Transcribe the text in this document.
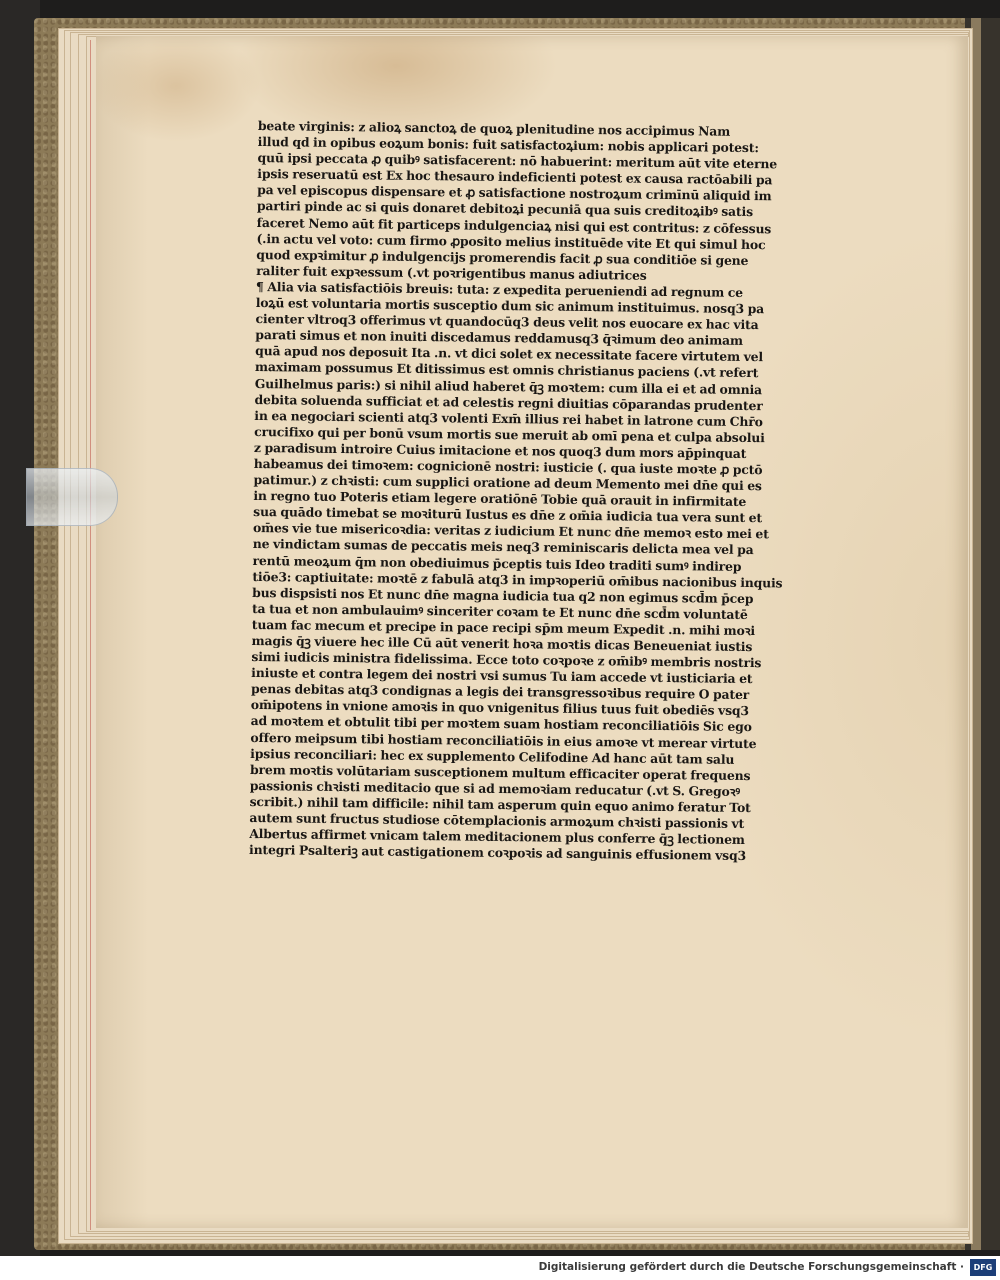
beate virginis: z alioꝝ sanctoꝝ de quoꝝ plenitudine nos accipimus Nam
illud qd in opibus eoꝝum bonis: fuit satisfactoꝝium: nobis applicari potest:
quū ipsi peccata ꝓ quibꝰ satisfacerent: nō habuerint: meritum aūt vite eterne
ipsis reseruatū est Ex hoc thesauro indeficienti potest ex causa ractōabili pa
pa vel episcopus dispensare et ꝓ satisfactione nostroꝝum crimīnū aliquid im
partiri pinde ac si quis donaret debitoꝝi pecuniā qua suis creditoꝝibꝰ satis
faceret Nemo aūt fit particeps indulgenciaꝝ nisi qui est contritus: z cōfessus
(.in actu vel voto: cum firmo ꝓposito melius instituēde vite Et qui simul hoc
quod expꝛimitur ꝓ indulgencijs promerendis facit ꝓ sua conditiōe si gene
raliter fuit expꝛessum (.vt poꝛrigentibus manus adiutrices
¶ Alia via satisfactiōis breuis: tuta: z expedita perueniendi ad regnum ce
loꝝū est voluntaria mortis susceptio dum sic animum instituimus. nosq3 pa
cienter vltroq3 offerimus vt quandocūq3 deus velit nos euocare ex hac vita
parati simus et non inuiti discedamus reddamusq3 q̄ꝛimum deo animam
quā apud nos deposuit Ita .n. vt dici solet ex necessitate facere virtutem vel
maximam possumus Et ditissimus est omnis christianus paciens (.vt refert
Guilhelmus paris:) si nihil aliud haberet q̄ꝫ moꝛtem: cum illa ei et ad omnia
debita soluenda sufficiat et ad celestis regni diuitias cōparandas prudenter
in ea negociari scienti atq3 volenti Exm̄ illius rei habet in latrone cum Chr̄o
crucifixo qui per bonū vsum mortis sue meruit ab omī pena et culpa absolui
z paradisum introire Cuius imitacione et nos quoq3 dum mors ap̄pinquat
habeamus dei timoꝛem: cognicionē nostri: iusticie (. qua iuste moꝛte ꝓ pctō
patimur.) z chꝛisti: cum supplici oratione ad deum Memento mei dn̄e qui es
in regno tuo Poteris etiam legere oratiōnē Tobie quā orauit in infirmitate
sua quādo timebat se moꝛiturū Iustus es dn̄e z om̄ia iudicia tua vera sunt et
om̄es vie tue misericoꝛdia: veritas z iudicium Et nunc dn̄e memoꝛ esto mei et
ne vindictam sumas de peccatis meis neq3 reminiscaris delicta mea vel pa
rentū meoꝝum q̄m non obediuimus p̄ceptis tuis Ideo traditi sumꝰ indirep
tiōe3: captiuitate: moꝛtē z fabulā atq3 in impꝛoperiū om̄ibus nacionibus inquis
bus dispsisti nos Et nunc dn̄e magna iudicia tua q2 non egimus scd̄m p̄cep
ta tua et non ambulauimꝰ sinceriter coꝛam te Et nunc dn̄e scd̄m voluntatē
tuam fac mecum et precipe in pace recipi sp̄m meum Expedit .n. mihi moꝛi
magis q̄ꝫ viuere hec ille Cū aūt venerit hoꝛa moꝛtis dicas Beneueniat iustis
simi iudicis ministra fidelissima. Ecce toto coꝛpoꝛe z om̄ibꝰ membris nostris
iniuste et contra legem dei nostri vsi sumus Tu iam accede vt iusticiaria et
penas debitas atq3 condignas a legis dei transgressoꝛibus require O pater
om̄ipotens in vnione amoꝛis in quo vnigenitus filius tuus fuit obediēs vsq3
ad moꝛtem et obtulit tibi per moꝛtem suam hostiam reconciliatiōis Sic ego
offero meipsum tibi hostiam reconciliatiōis in eius amoꝛe vt merear virtute
ipsius reconciliari: hec ex supplemento Celifodine Ad hanc aūt tam salu
brem moꝛtis volūtariam susceptionem multum efficaciter operat frequens
passionis chꝛisti meditacio que si ad memoꝛiam reducatur (.vt S. Gregoꝛꝰ
scribit.) nihil tam difficile: nihil tam asperum quin equo animo feratur Tot
autem sunt fructus studiose cōtemplacionis armoꝝum chꝛisti passionis vt
Albertus affirmet vnicam talem meditacionem plus conferre q̄ꝫ lectionem
integri Psalteriꝫ aut castigationem coꝛpoꝛis ad sanguinis effusionem vsq3
Digitalisierung gefördert durch die Deutsche Forschungsgemeinschaft ·	DFG
